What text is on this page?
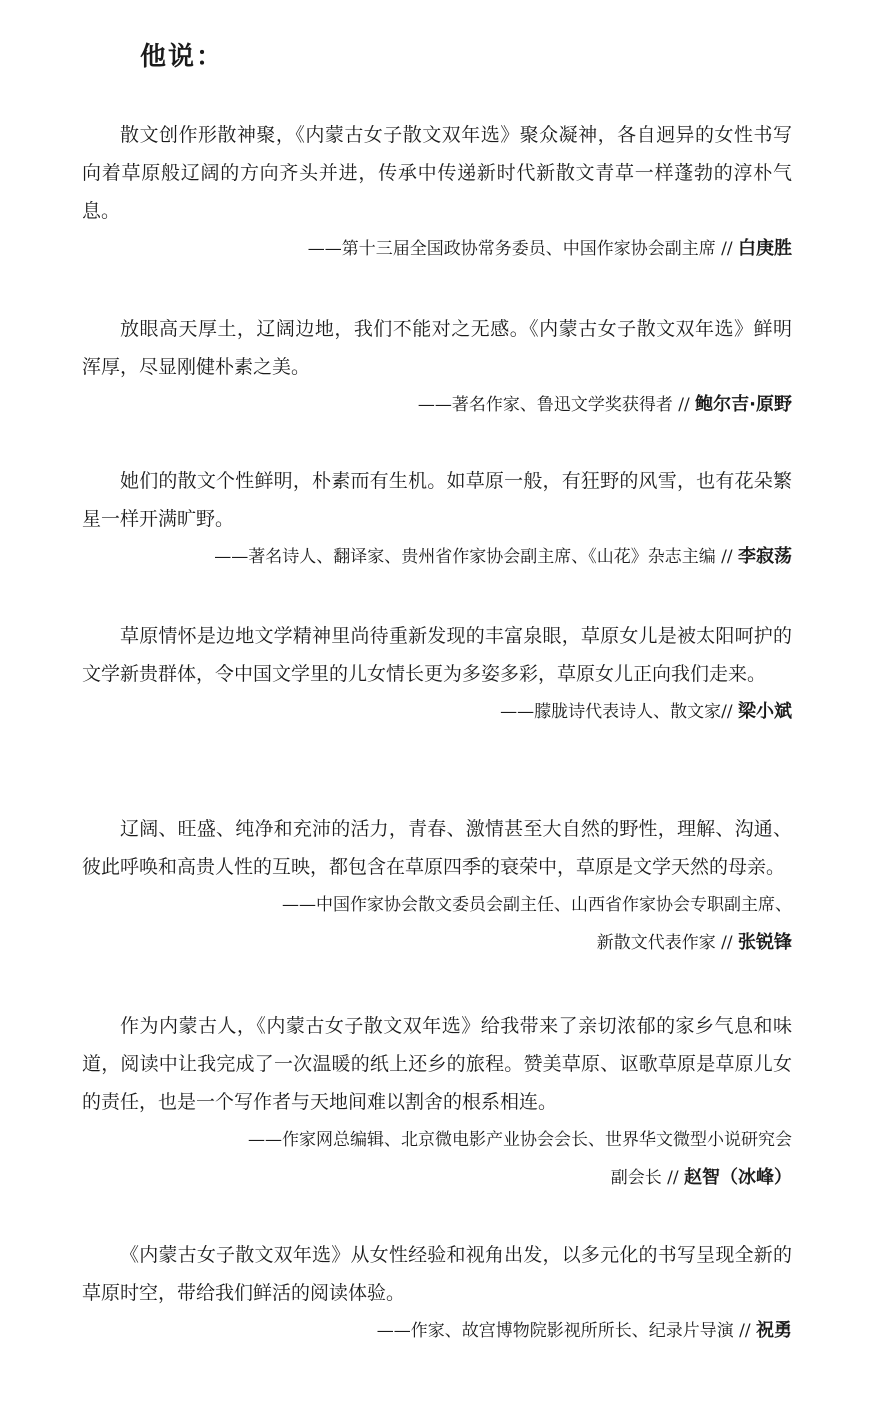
他说：

散文创作形散神聚，《内蒙古女子散文双年选》聚众凝神，各自迥异的女性书写向着草原般辽阔的方向齐头并进，传承中传递新时代新散文青草一样蓬勃的淳朴气息。

——第十三届全国政协常务委员、中国作家协会副主席 // 白庚胜

放眼高天厚土，辽阔边地，我们不能对之无感。《内蒙古女子散文双年选》鲜明浑厚，尽显刚健朴素之美。

——著名作家、鲁迅文学奖获得者 // 鲍尔吉·原野

她们的散文个性鲜明，朴素而有生机。如草原一般，有狂野的风雪，也有花朵繁星一样开满旷野。

——著名诗人、翻译家、贵州省作家协会副主席、《山花》杂志主编 // 李寂荡

草原情怀是边地文学精神里尚待重新发现的丰富泉眼，草原女儿是被太阳呵护的文学新贵群体，令中国文学里的儿女情长更为多姿多彩，草原女儿正向我们走来。

——朦胧诗代表诗人、散文家// 梁小斌

辽阔、旺盛、纯净和充沛的活力，青春、激情甚至大自然的野性，理解、沟通、彼此呼唤和高贵人性的互映，都包含在草原四季的衰荣中，草原是文学天然的母亲。

——中国作家协会散文委员会副主任、山西省作家协会专职副主席、

新散文代表作家 // 张锐锋

作为内蒙古人，《内蒙古女子散文双年选》给我带来了亲切浓郁的家乡气息和味道，阅读中让我完成了一次温暖的纸上还乡的旅程。赞美草原、讴歌草原是草原儿女的责任，也是一个写作者与天地间难以割舍的根系相连。

——作家网总编辑、北京微电影产业协会会长、世界华文微型小说研究会

副会长 // 赵智（冰峰）

《内蒙古女子散文双年选》从女性经验和视角出发，以多元化的书写呈现全新的草原时空，带给我们鲜活的阅读体验。

——作家、故宫博物院影视所所长、纪录片导演 // 祝勇
